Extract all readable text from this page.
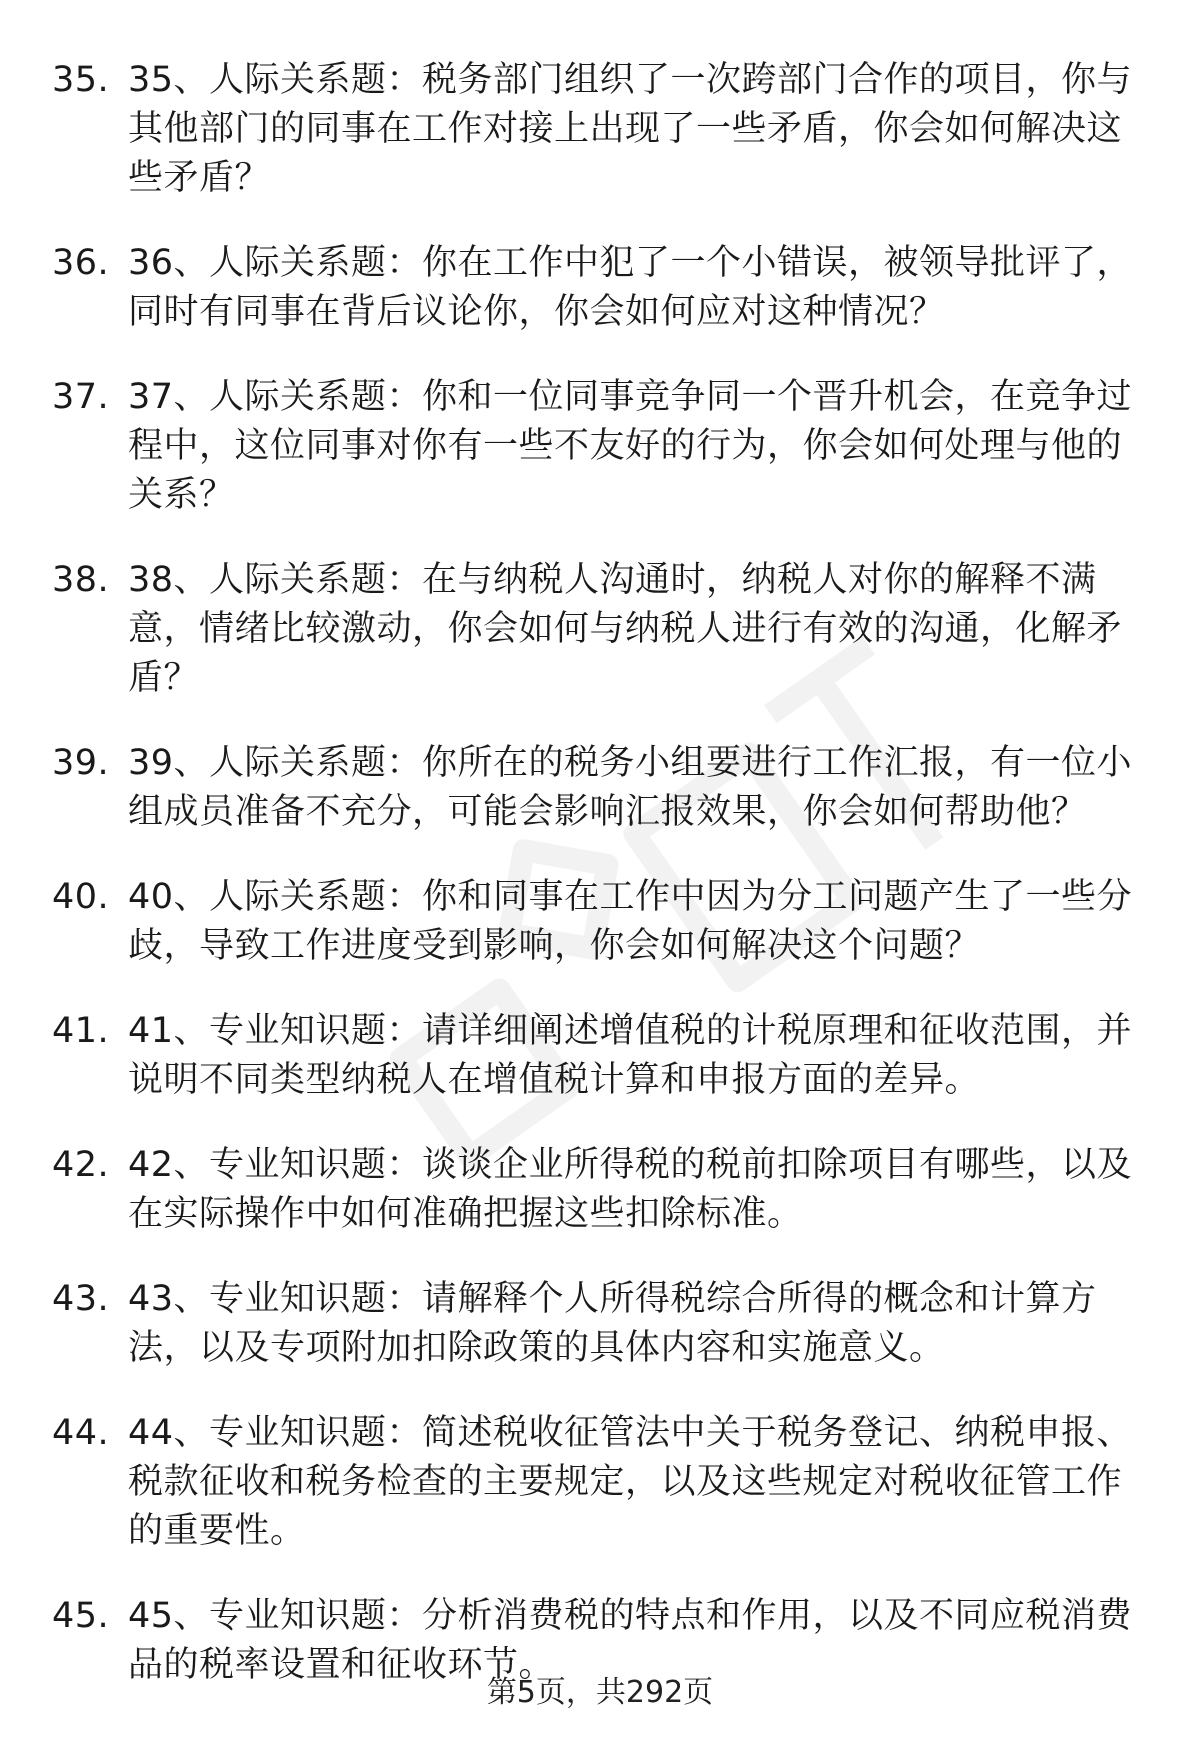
35. 35、人际关系题：税务部门组织了一次跨部门合作的项目，你与其他部门的同事在工作对接上出现了一些矛盾，你会如何解决这些矛盾？
36. 36、人际关系题：你在工作中犯了一个小错误，被领导批评了，同时有同事在背后议论你，你会如何应对这种情况？
37. 37、人际关系题：你和一位同事竞争同一个晋升机会，在竞争过程中，这位同事对你有一些不友好的行为，你会如何处理与他的关系？
38. 38、人际关系题：在与纳税人沟通时，纳税人对你的解释不满意，情绪比较激动，你会如何与纳税人进行有效的沟通，化解矛盾？
39. 39、人际关系题：你所在的税务小组要进行工作汇报，有一位小组成员准备不充分，可能会影响汇报效果，你会如何帮助他？
40. 40、人际关系题：你和同事在工作中因为分工问题产生了一些分歧，导致工作进度受到影响，你会如何解决这个问题？
41. 41、专业知识题：请详细阐述增值税的计税原理和征收范围，并说明不同类型纳税人在增值税计算和申报方面的差异。
42. 42、专业知识题：谈谈企业所得税的税前扣除项目有哪些，以及在实际操作中如何准确把握这些扣除标准。
43. 43、专业知识题：请解释个人所得税综合所得的概念和计算方法，以及专项附加扣除政策的具体内容和实施意义。
44. 44、专业知识题：简述税收征管法中关于税务登记、纳税申报、税款征收和税务检查的主要规定，以及这些规定对税收征管工作的重要性。
45. 45、专业知识题：分析消费税的特点和作用，以及不同应税消费品的税率设置和征收环节。
第5页，共292页
